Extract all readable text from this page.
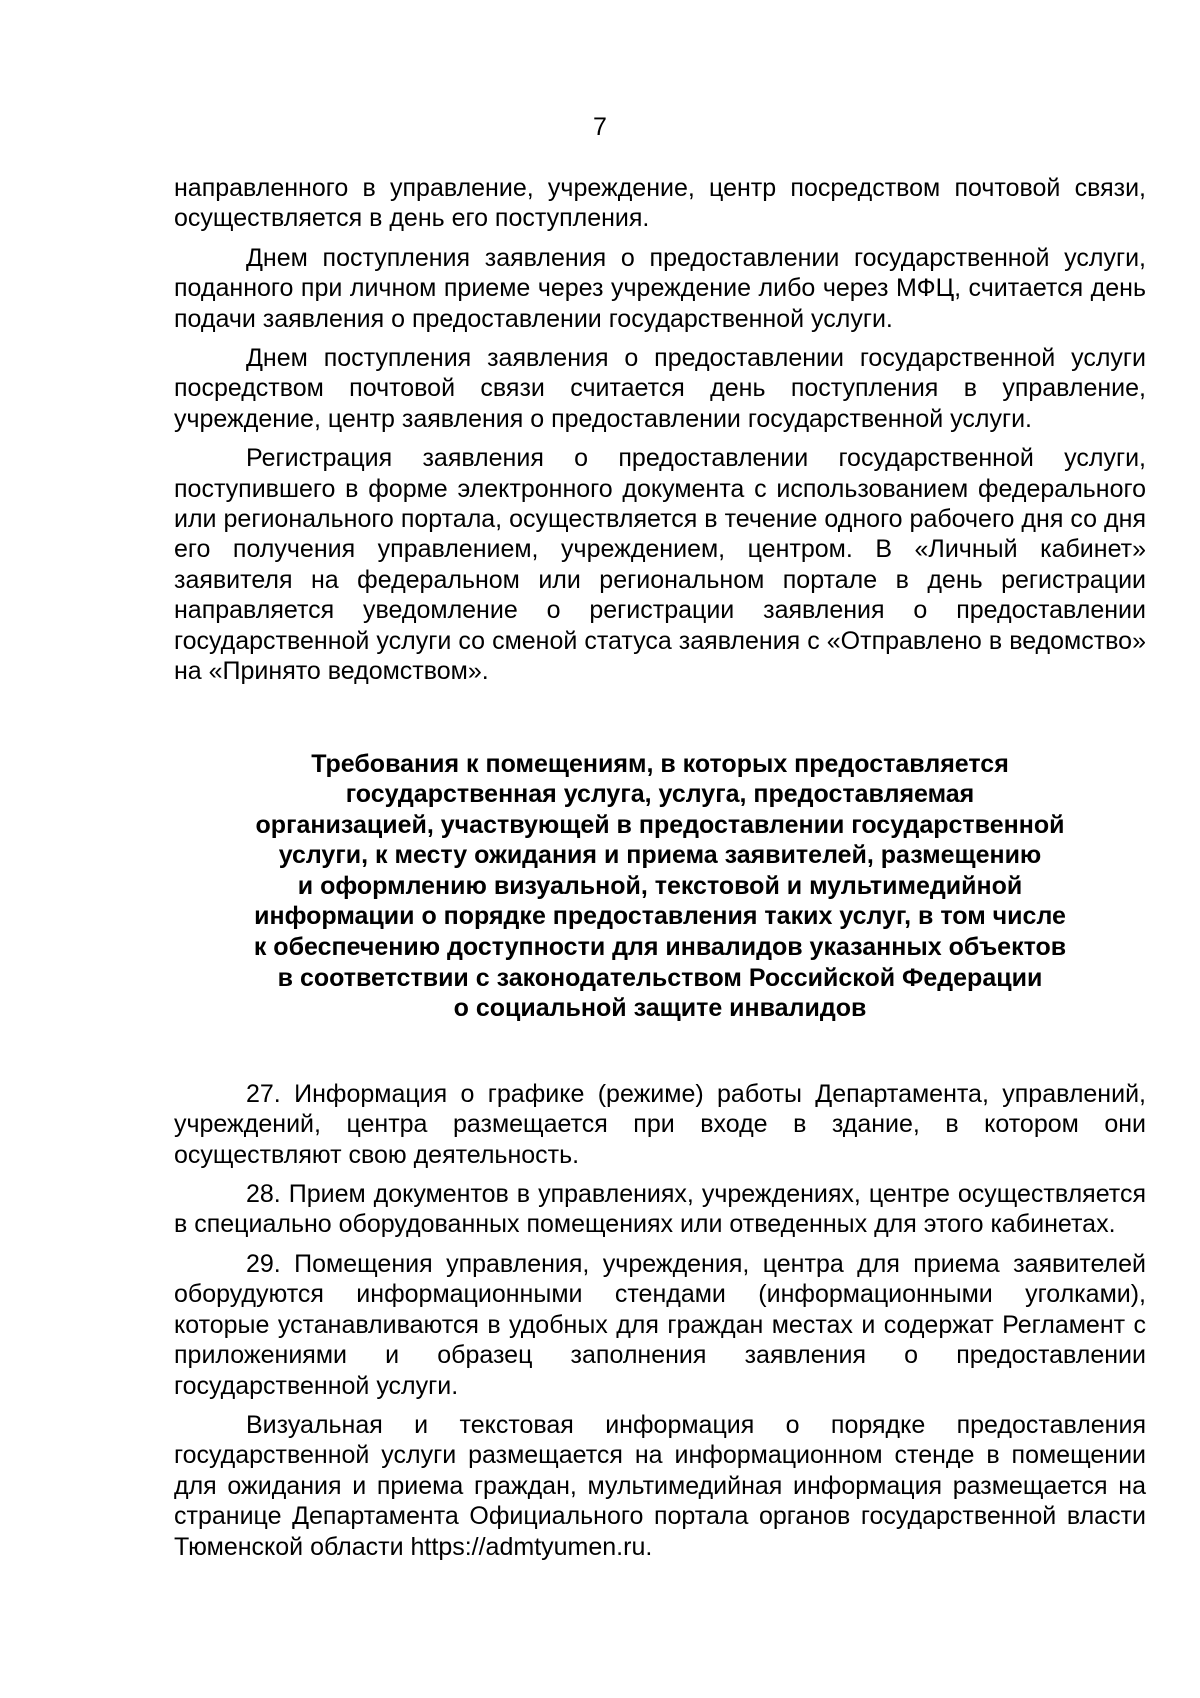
7

направленного в управление, учреждение, центр посредством почтовой связи, осуществляется в день его поступления.

Днем поступления заявления о предоставлении государственной услуги, поданного при личном приеме через учреждение либо через МФЦ, считается день подачи заявления о предоставлении государственной услуги.

Днем поступления заявления о предоставлении государственной услуги посредством почтовой связи считается день поступления в управление, учреждение, центр заявления о предоставлении государственной услуги.

Регистрация заявления о предоставлении государственной услуги, поступившего в форме электронного документа с использованием федерального или регионального портала, осуществляется в течение одного рабочего дня со дня его получения управлением, учреждением, центром. В «Личный кабинет» заявителя на федеральном или региональном портале в день регистрации направляется уведомление о регистрации заявления о предоставлении государственной услуги со сменой статуса заявления с «Отправлено в ведомство» на «Принято ведомством».

Требования к помещениям, в которых предоставляется
государственная услуга, услуга, предоставляемая
организацией, участвующей в предоставлении государственной
услуги, к месту ожидания и приема заявителей, размещению
и оформлению визуальной, текстовой и мультимедийной
информации о порядке предоставления таких услуг, в том числе
к обеспечению доступности для инвалидов указанных объектов
в соответствии с законодательством Российской Федерации
о социальной защите инвалидов

27. Информация о графике (режиме) работы Департамента, управлений, учреждений, центра размещается при входе в здание, в котором они осуществляют свою деятельность.

28. Прием документов в управлениях, учреждениях, центре осуществляется в специально оборудованных помещениях или отведенных для этого кабинетах.

29. Помещения управления, учреждения, центра для приема заявителей оборудуются информационными стендами (информационными уголками), которые устанавливаются в удобных для граждан местах и содержат Регламент с приложениями и образец заполнения заявления о предоставлении государственной услуги.

Визуальная и текстовая информация о порядке предоставления государственной услуги размещается на информационном стенде в помещении для ожидания и приема граждан, мультимедийная информация размещается на странице Департамента Официального портала органов государственной власти Тюменской области https://admtyumen.ru.
